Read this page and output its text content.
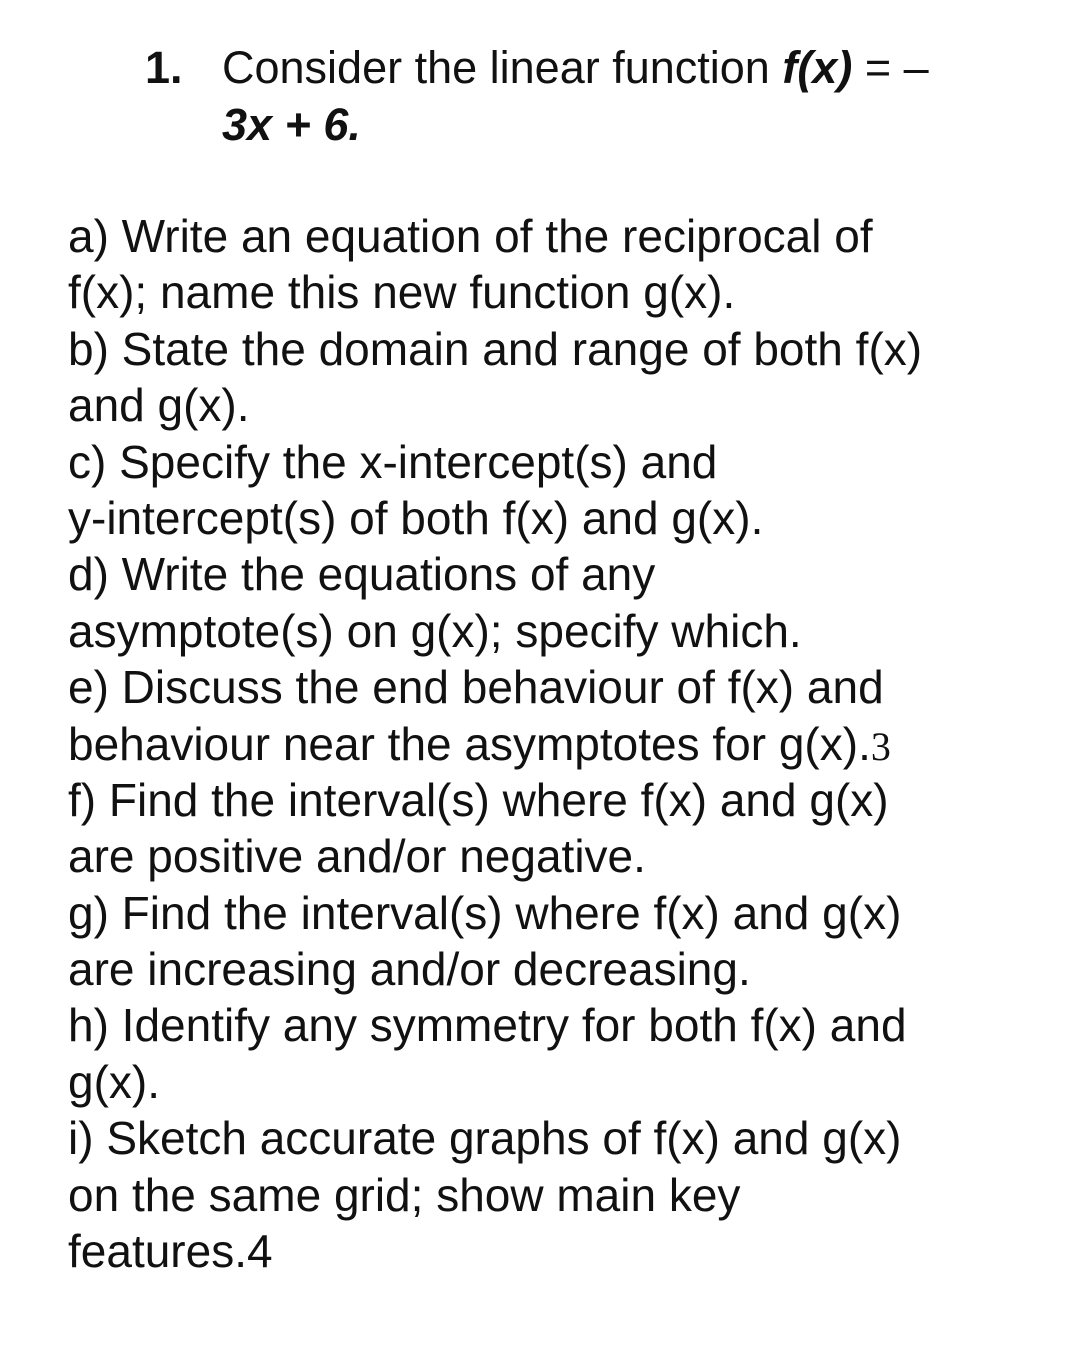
1. Consider the linear function f(x) = –
3x + 6.
a) Write an equation of the reciprocal of
f(x); name this new function g(x).
b) State the domain and range of both f(x)
and g(x).
c) Specify the x-intercept(s) and
y-intercept(s) of both f(x) and g(x).
d) Write the equations of any
asymptote(s) on g(x); specify which.
e) Discuss the end behaviour of f(x) and
behaviour near the asymptotes for g(x).3
f) Find the interval(s) where f(x) and g(x)
are positive and/or negative.
g) Find the interval(s) where f(x) and g(x)
are increasing and/or decreasing.
h) Identify any symmetry for both f(x) and
g(x).
i) Sketch accurate graphs of f(x) and g(x)
on the same grid; show main key
features.4
